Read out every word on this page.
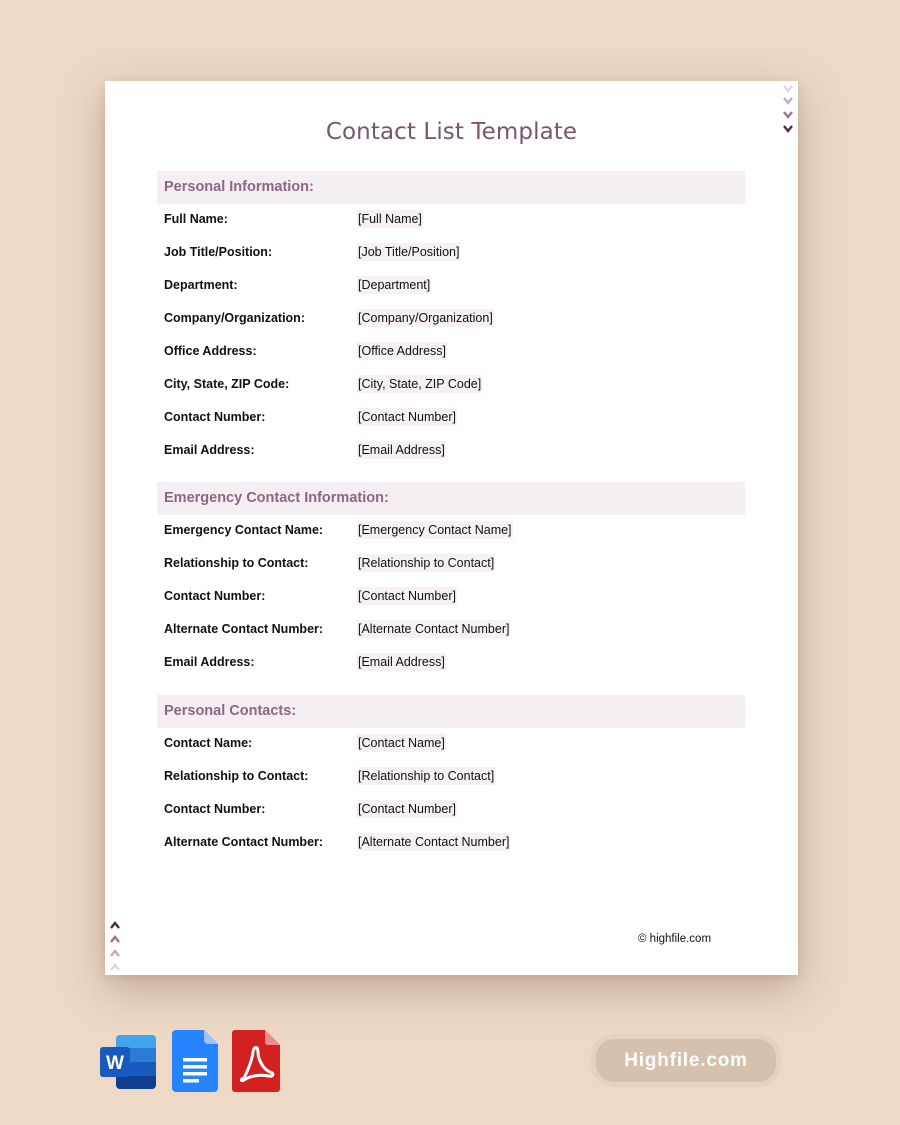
Contact List Template
Personal Information:
Full Name:	[Full Name]
Job Title/Position:	[Job Title/Position]
Department:	[Department]
Company/Organization:	[Company/Organization]
Office Address:	[Office Address]
City, State, ZIP Code:	[City, State, ZIP Code]
Contact Number:	[Contact Number]
Email Address:	[Email Address]
Emergency Contact Information:
Emergency Contact Name:	[Emergency Contact Name]
Relationship to Contact:	[Relationship to Contact]
Contact Number:	[Contact Number]
Alternate Contact Number:	[Alternate Contact Number]
Email Address:	[Email Address]
Personal Contacts:
Contact Name:	[Contact Name]
Relationship to Contact:	[Relationship to Contact]
Contact Number:	[Contact Number]
Alternate Contact Number:	[Alternate Contact Number]
© highfile.com
W	Highfile.com
